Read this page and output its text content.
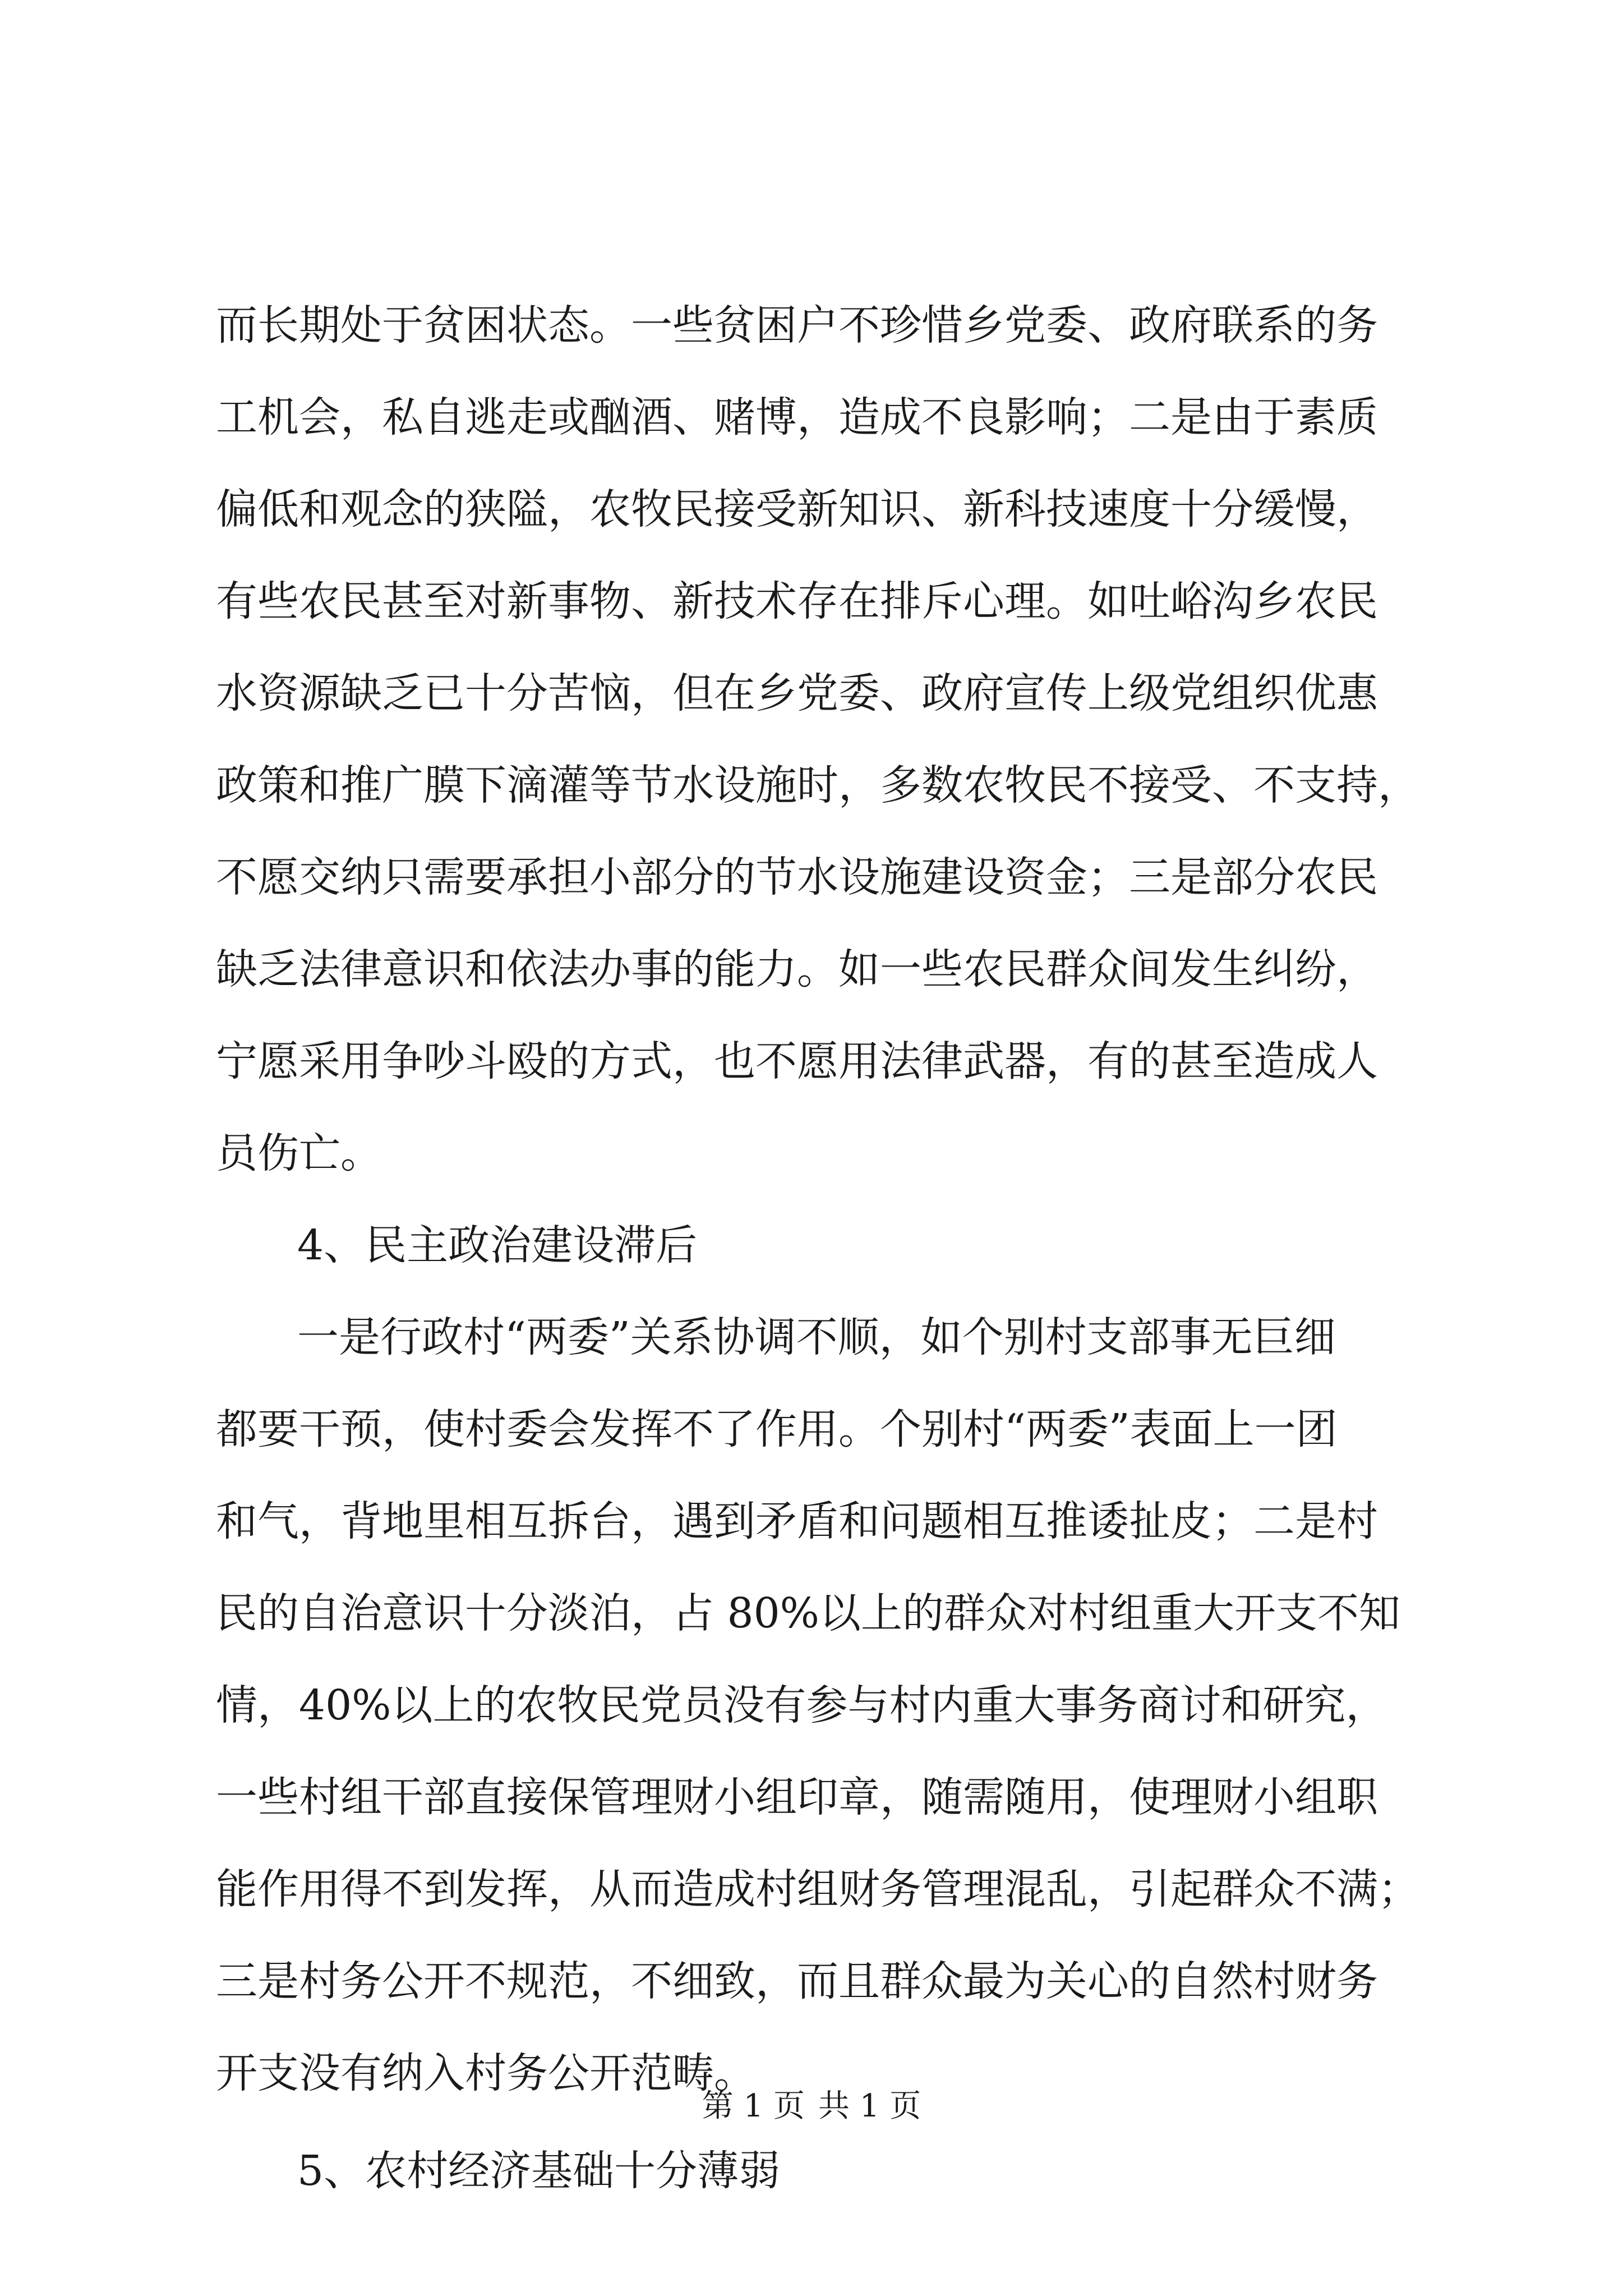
而长期处于贫困状态。一些贫困户不珍惜乡党委、政府联系的务
工机会，私自逃走或酗酒、赌博，造成不良影响；二是由于素质
偏低和观念的狭隘，农牧民接受新知识、新科技速度十分缓慢，
有些农民甚至对新事物、新技术存在排斥心理。如吐峪沟乡农民
水资源缺乏已十分苦恼，但在乡党委、政府宣传上级党组织优惠
政策和推广膜下滴灌等节水设施时，多数农牧民不接受、不支持，
不愿交纳只需要承担小部分的节水设施建设资金；三是部分农民
缺乏法律意识和依法办事的能力。如一些农民群众间发生纠纷，
宁愿采用争吵斗殴的方式，也不愿用法律武器，有的甚至造成人
员伤亡。
4、民主政治建设滞后
一是行政村“两委”关系协调不顺，如个别村支部事无巨细
都要干预，使村委会发挥不了作用。个别村“两委”表面上一团
和气，背地里相互拆台，遇到矛盾和问题相互推诿扯皮；二是村
民的自治意识十分淡泊，占 80%以上的群众对村组重大开支不知
情，40%以上的农牧民党员没有参与村内重大事务商讨和研究，
一些村组干部直接保管理财小组印章，随需随用，使理财小组职
能作用得不到发挥，从而造成村组财务管理混乱，引起群众不满；
三是村务公开不规范，不细致，而且群众最为关心的自然村财务
开支没有纳入村务公开范畴。
5、农村经济基础十分薄弱
第 1 页 共 1 页
